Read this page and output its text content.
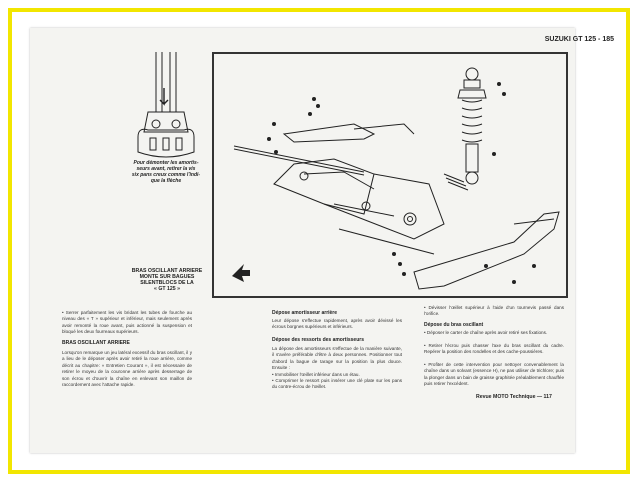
SUZUKI GT 125 - 185
Pour démonter les amortis-
seurs avant, retirer la vis
six pans creux comme l'indi-
que la flèche
BRAS OSCILLANT ARRIERE
MONTE SUR BAGUES
SILENTBLOCS DE LA
« GT 125 »
• Serrer parfaitement les vis bridant les tubes de fourche au niveau des « T » supérieur et inférieur, mais seulement après avoir remonté la roue avant, puis actionné la suspension et bloqué les deux fourreaux supérieurs.
BRAS OSCILLANT ARRIERE
Lorsqu'on remarque un jeu latéral excessif du bras oscillant, il y a lieu de le déposer après avoir retiré la roue arrière, comme décrit au chapitre: « Entretien Courant », il est nécessaire de retirer le moyeu de la couronne arrière après desserrage de son écrou et d'ouvrir la chaîne en enlevant son maillon de raccordement avec l'attache rapide.
Dépose amortisseur arrière
Leur dépose s'effectue rapidement, après avoir dévissé les écrous borgnes supérieurs et inférieurs.
Dépose des ressorts des amortisseurs
La dépose des amortisseurs s'effectue de la manière suivante, il s'avère préférable d'être à deux personnes. Positionner tout d'abord la bague de tarage sur la position la plus douce. Ensuite :
• Immobiliser l'œillet inférieur dans un étau.
• Comprimer le ressort puis insérer une clé plate sur les pans du contre-écrou de l'œillet.
• Dévisser l'œillet supérieur à l'aide d'un tournevis passé dans l'orifice.
Dépose du bras oscillant
• Déposer le carter de chaîne après avoir retiré ses fixations.
• Retirer l'écrou puis chasser l'axe du bras oscillant du cadre. Repérer la position des rondelles et des cache-poussières.
• Profiter de cette intervention pour nettoyer convenablement la chaîne dans un solvant (essence H), ne pas utiliser de trichlore; puis la plonger dans un bain de graisse graphitée préalablement chauffée puis retirer l'excédent.
Revue MOTO Technique — 117
